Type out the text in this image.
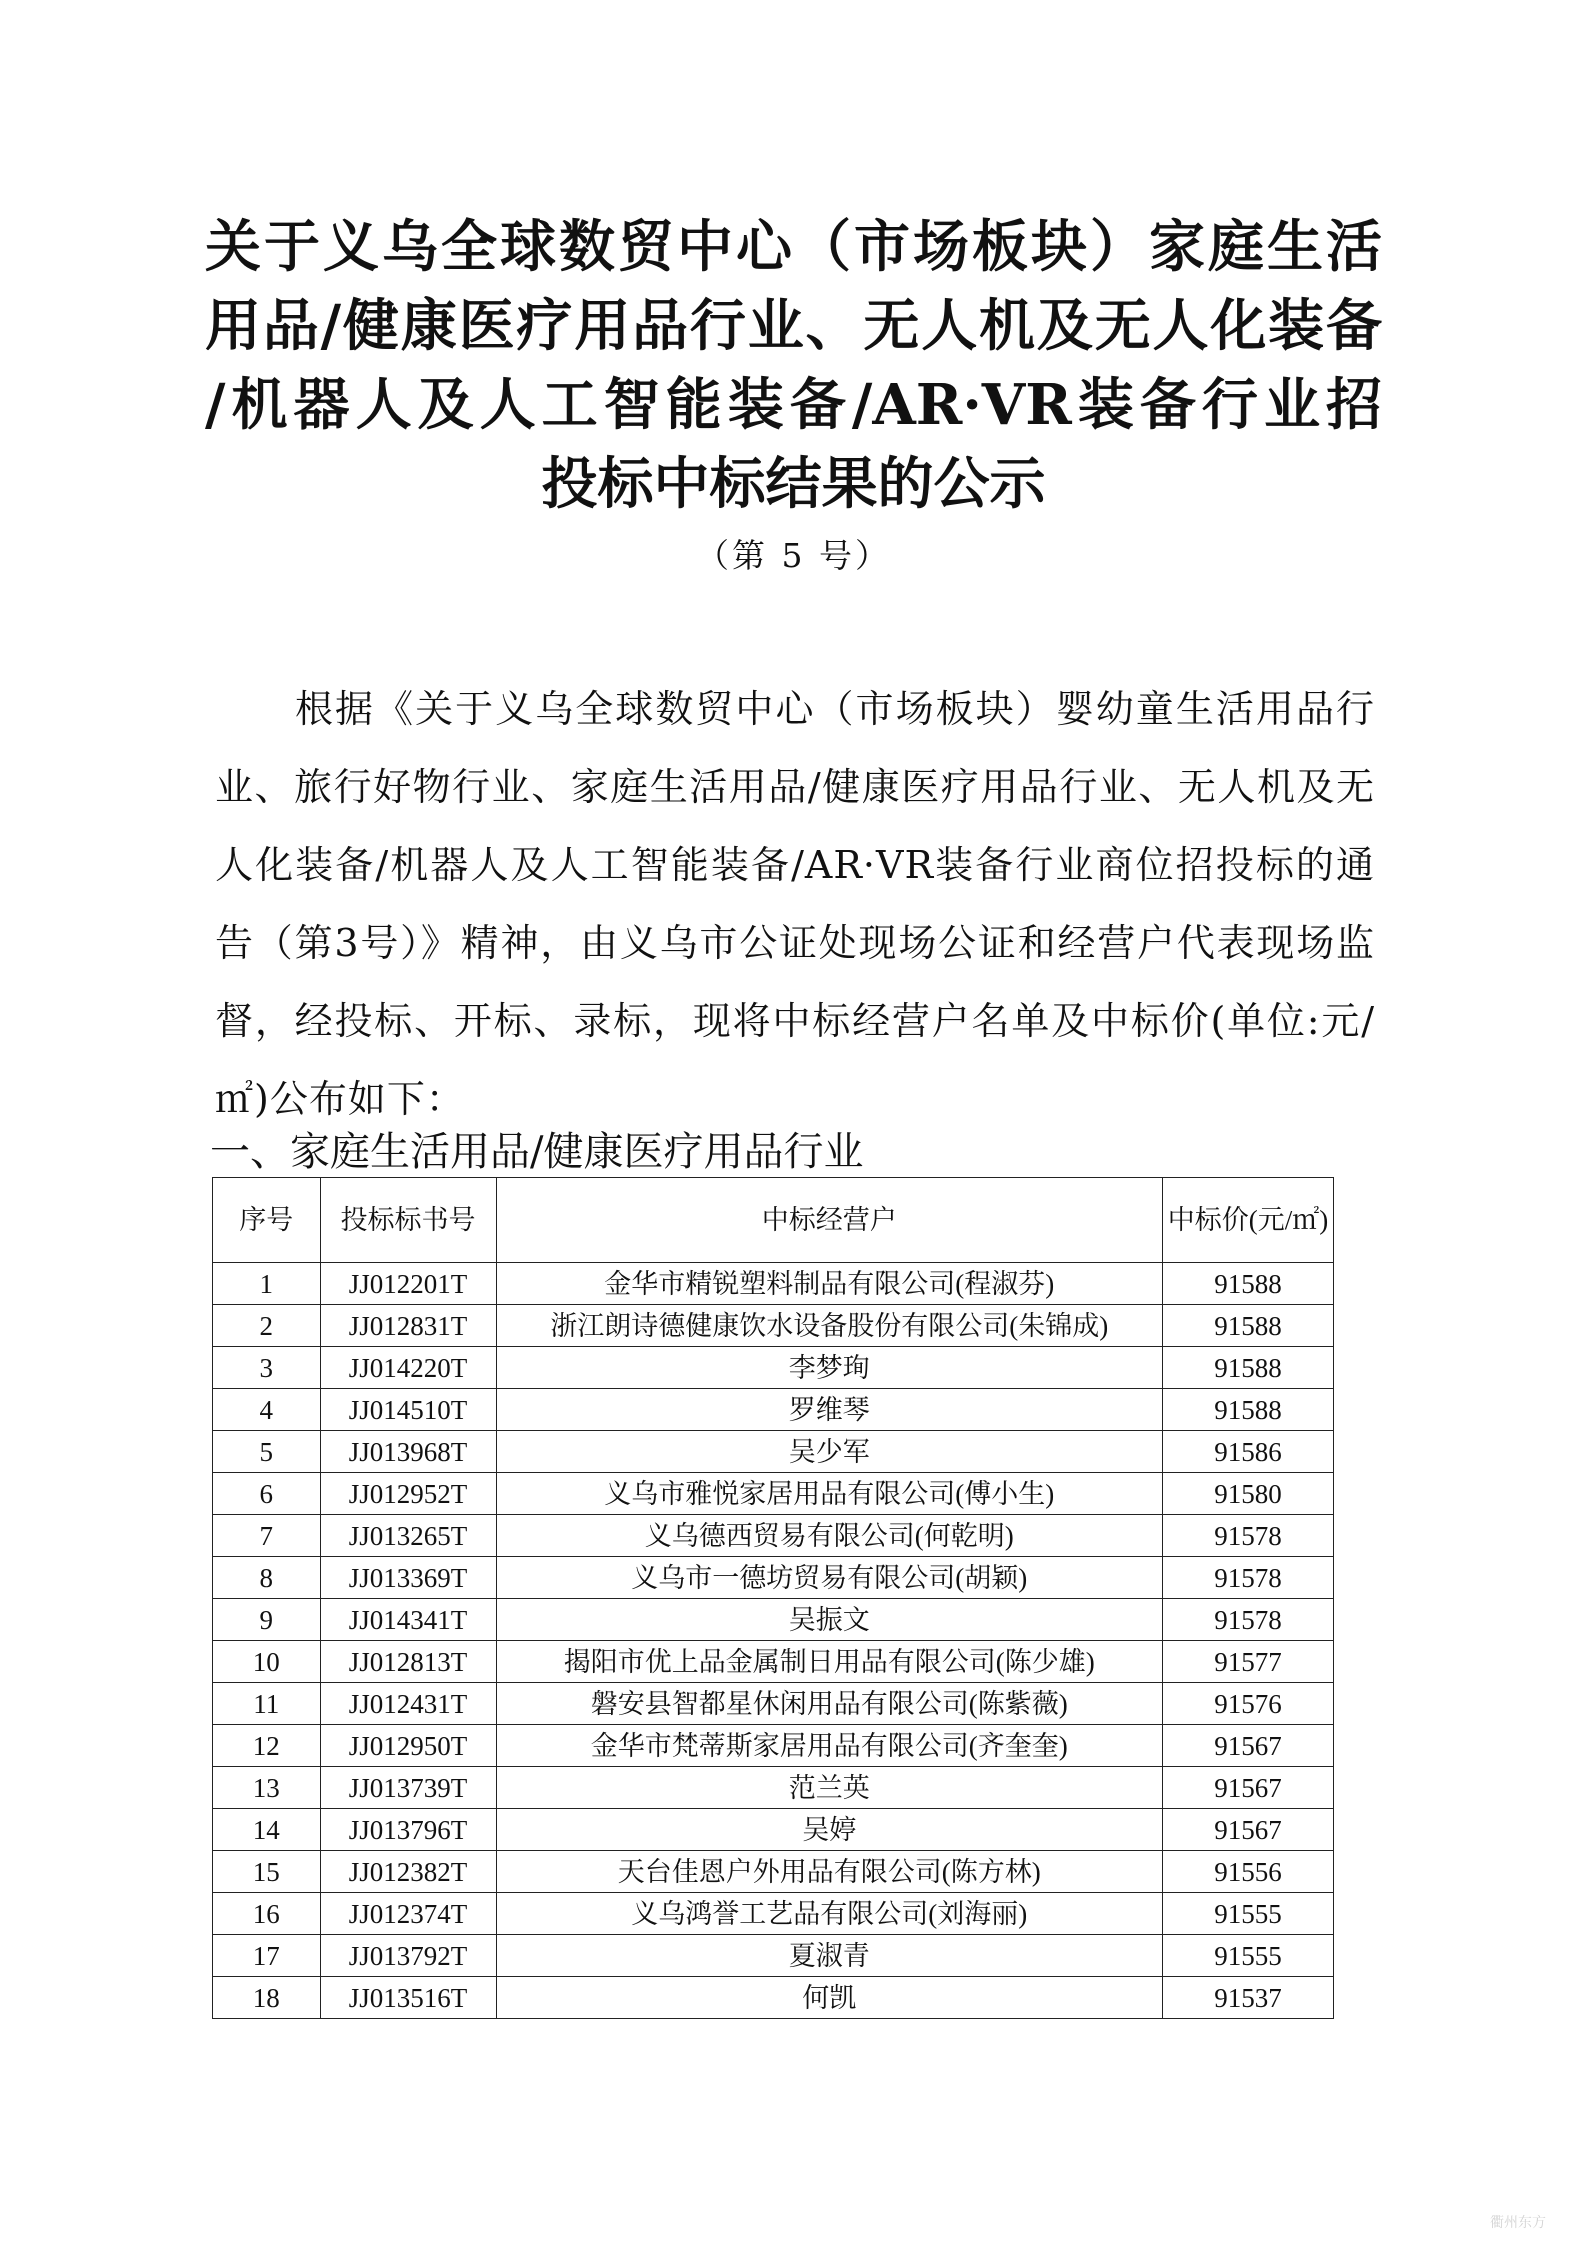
关于义乌全球数贸中心（市场板块）家庭生活
用品/健康医疗用品行业、无人机及无人化装备
/机器人及人工智能装备/AR·VR装备行业招
投标中标结果的公示
（第 5 号）

根据《关于义乌全球数贸中心（市场板块）婴幼童生活用品行业、旅行好物行业、家庭生活用品/健康医疗用品行业、无人机及无人化装备/机器人及人工智能装备/AR·VR装备行业商位招投标的通告（第3号）》精神，由义乌市公证处现场公证和经营户代表现场监督，经投标、开标、录标，现将中标经营户名单及中标价(单位:元/㎡)公布如下：

一、家庭生活用品/健康医疗用品行业
序号	投标标书号	中标经营户	中标价(元/㎡)
1	JJ012201T	金华市精锐塑料制品有限公司(程淑芬)	91588
2	JJ012831T	浙江朗诗德健康饮水设备股份有限公司(朱锦成)	91588
3	JJ014220T	李梦珣	91588
4	JJ014510T	罗维琴	91588
5	JJ013968T	吴少军	91586
6	JJ012952T	义乌市雅悦家居用品有限公司(傅小生)	91580
7	JJ013265T	义乌德西贸易有限公司(何乾明)	91578
8	JJ013369T	义乌市一德坊贸易有限公司(胡颖)	91578
9	JJ014341T	吴振文	91578
10	JJ012813T	揭阳市优上品金属制日用品有限公司(陈少雄)	91577
11	JJ012431T	磐安县智都星休闲用品有限公司(陈紫薇)	91576
12	JJ012950T	金华市梵蒂斯家居用品有限公司(齐奎奎)	91567
13	JJ013739T	范兰英	91567
14	JJ013796T	吴婷	91567
15	JJ012382T	天台佳恩户外用品有限公司(陈方林)	91556
16	JJ012374T	义乌鸿誉工艺品有限公司(刘海丽)	91555
17	JJ013792T	夏淑青	91555
18	JJ013516T	何凯	91537
衢州东方
